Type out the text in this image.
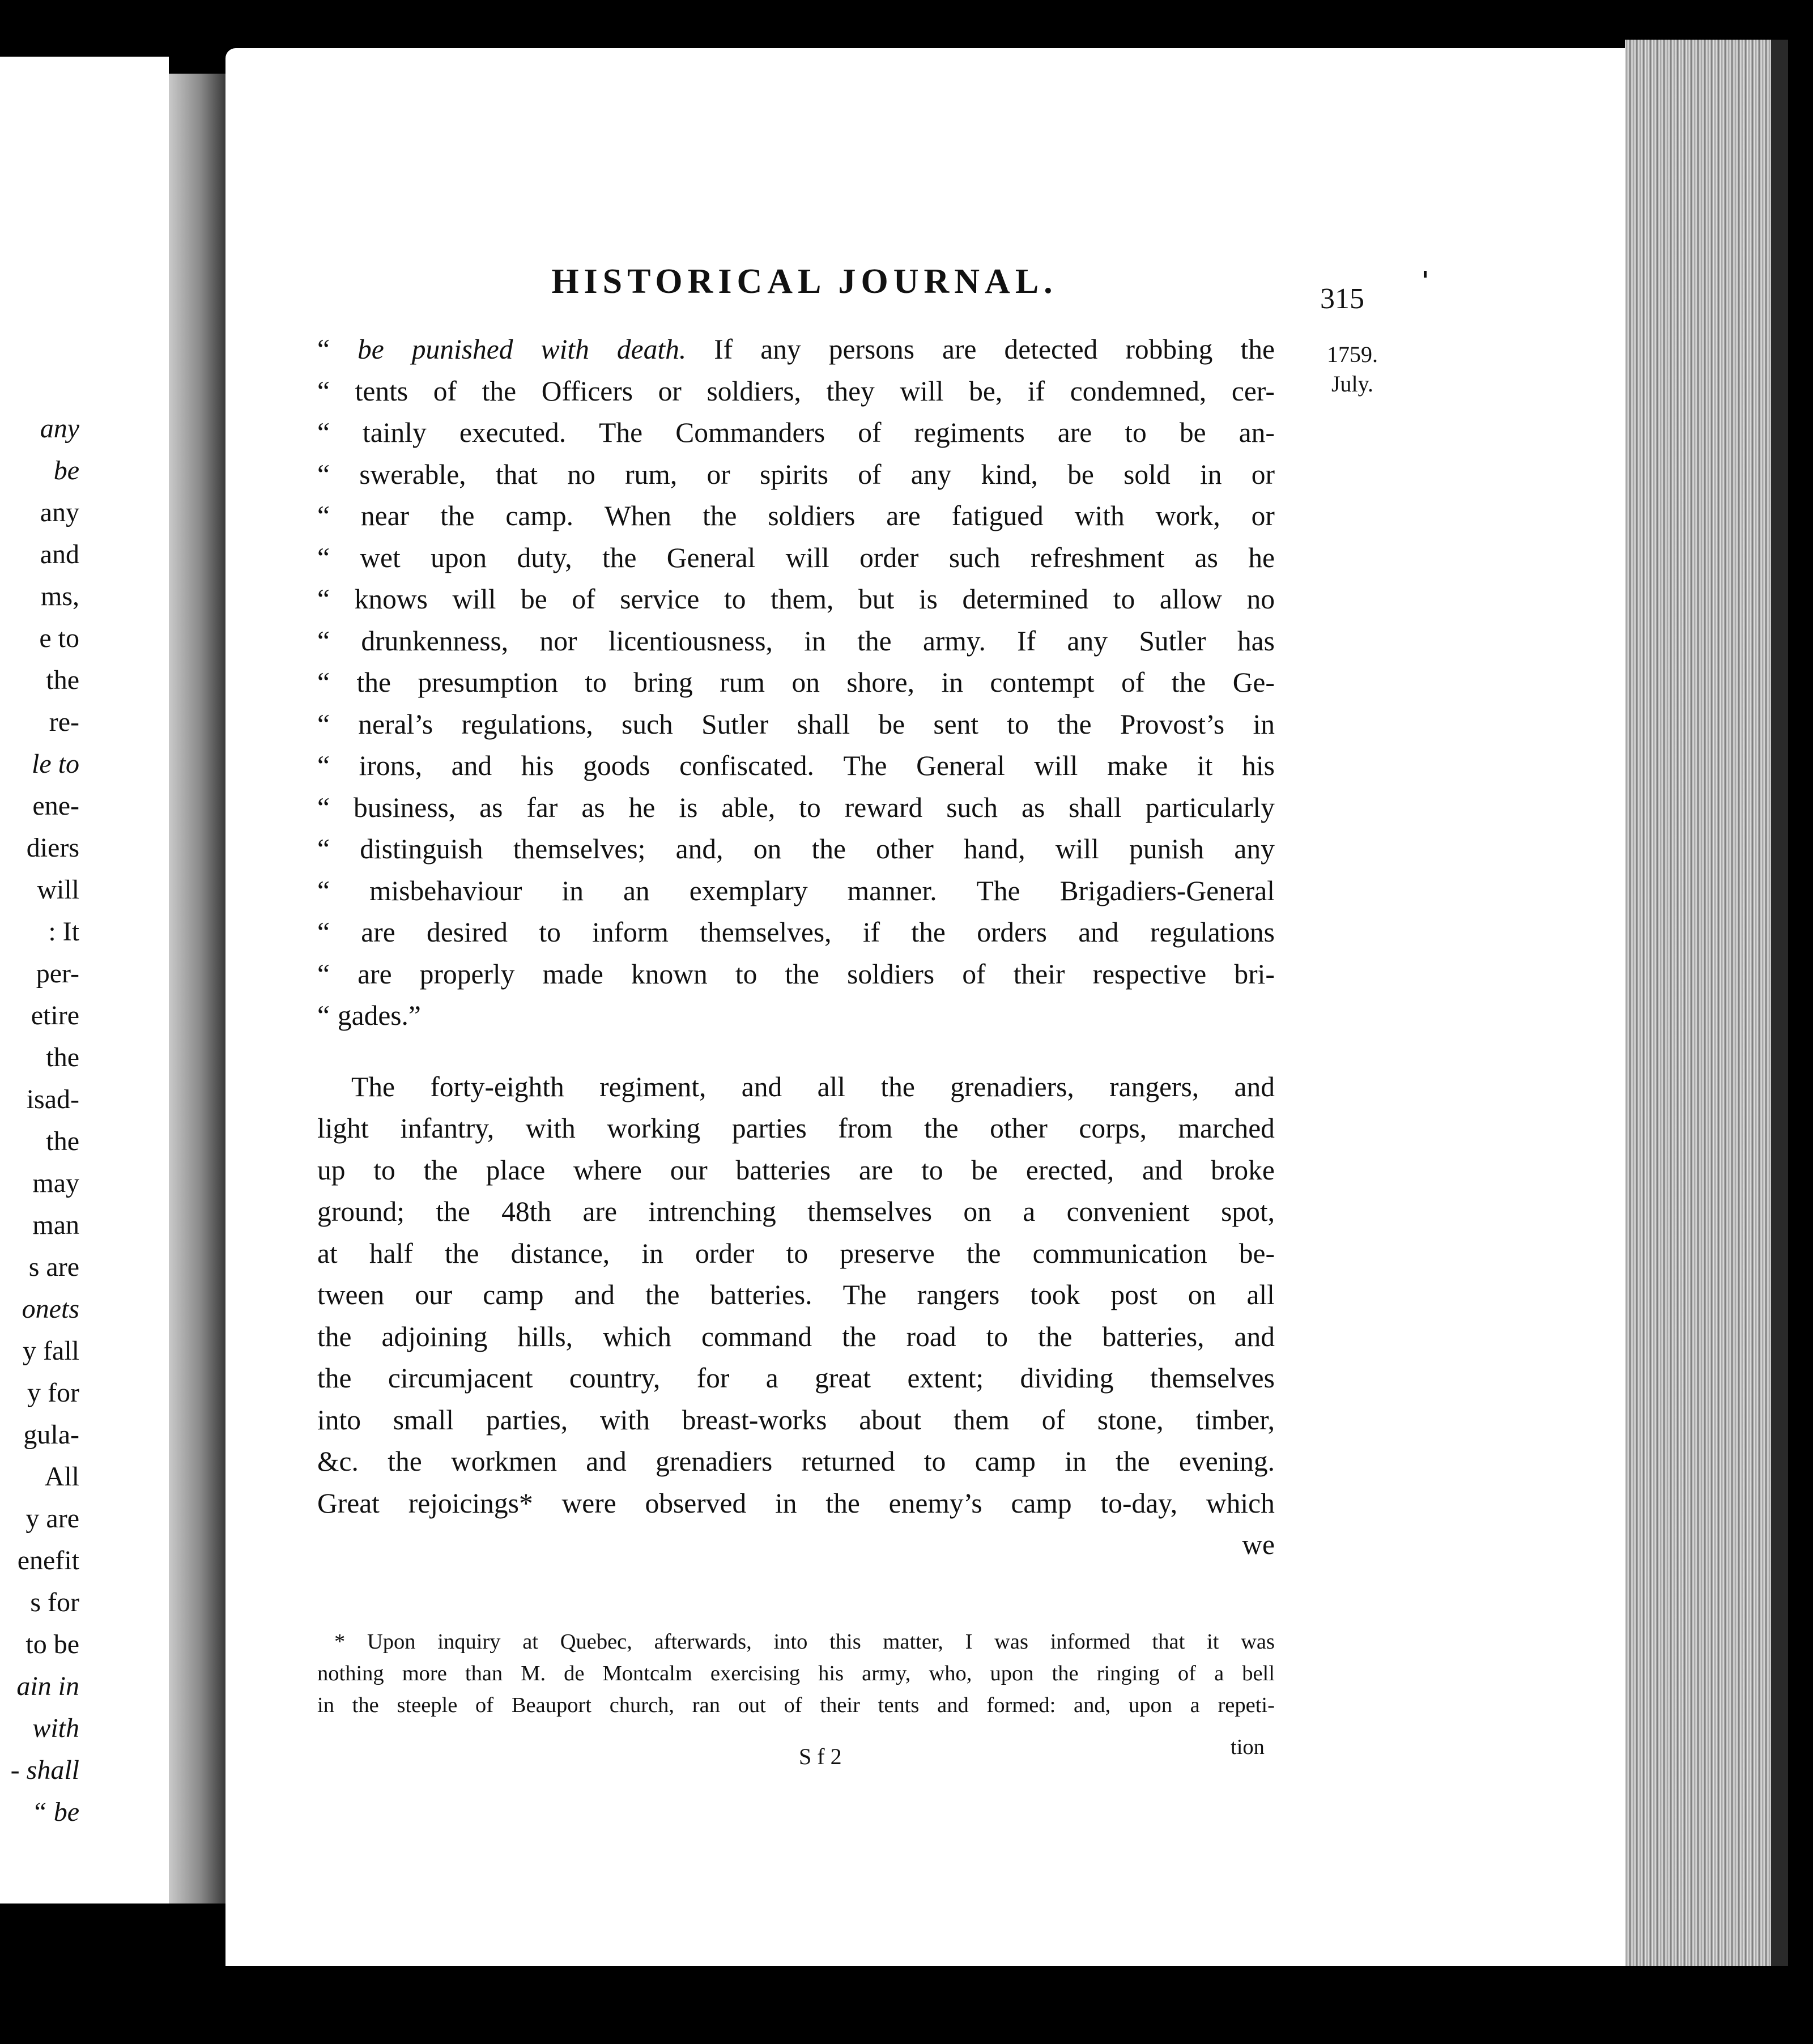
any
be
any
and
ms,
e to
the
re-
le to
ene-
diers
will
: It
per-
etire
the
isad-
the
may
man
s are
onets
y fall
y for
gula-
All
y are
enefit
s for
to be
ain in
with
- shall
“ be
HISTORICAL JOURNAL.	315
1759.
July.
“ be punished with death. If any persons are detected robbing the
“ tents of the Officers or soldiers, they will be, if condemned, cer-
“ tainly executed. The Commanders of regiments are to be an-
“ swerable, that no rum, or spirits of any kind, be sold in or
“ near the camp. When the soldiers are fatigued with work, or
“ wet upon duty, the General will order such refreshment as he
“ knows will be of service to them, but is determined to allow no
“ drunkenness, nor licentiousness, in the army. If any Sutler has
“ the presumption to bring rum on shore, in contempt of the Ge-
“ neral’s regulations, such Sutler shall be sent to the Provost’s in
“ irons, and his goods confiscated. The General will make it his
“ business, as far as he is able, to reward such as shall particularly
“ distinguish themselves; and, on the other hand, will punish any
“ misbehaviour in an exemplary manner. The Brigadiers-General
“ are desired to inform themselves, if the orders and regulations
“ are properly made known to the soldiers of their respective bri-
“ gades.”
The forty-eighth regiment, and all the grenadiers, rangers, and
light infantry, with working parties from the other corps, marched
up to the place where our batteries are to be erected, and broke
ground; the 48th are intrenching themselves on a convenient spot,
at half the distance, in order to preserve the communication be-
tween our camp and the batteries. The rangers took post on all
the adjoining hills, which command the road to the batteries, and
the circumjacent country, for a great extent; dividing themselves
into small parties, with breast-works about them of stone, timber,
&c. the workmen and grenadiers returned to camp in the evening.
Great rejoicings* were observed in the enemy’s camp to-day, which
we
* Upon inquiry at Quebec, afterwards, into this matter, I was informed that it was
nothing more than M. de Montcalm exercising his army, who, upon the ringing of a bell
in the steeple of Beauport church, ran out of their tents and formed: and, upon a repeti-
S f 2	tion
